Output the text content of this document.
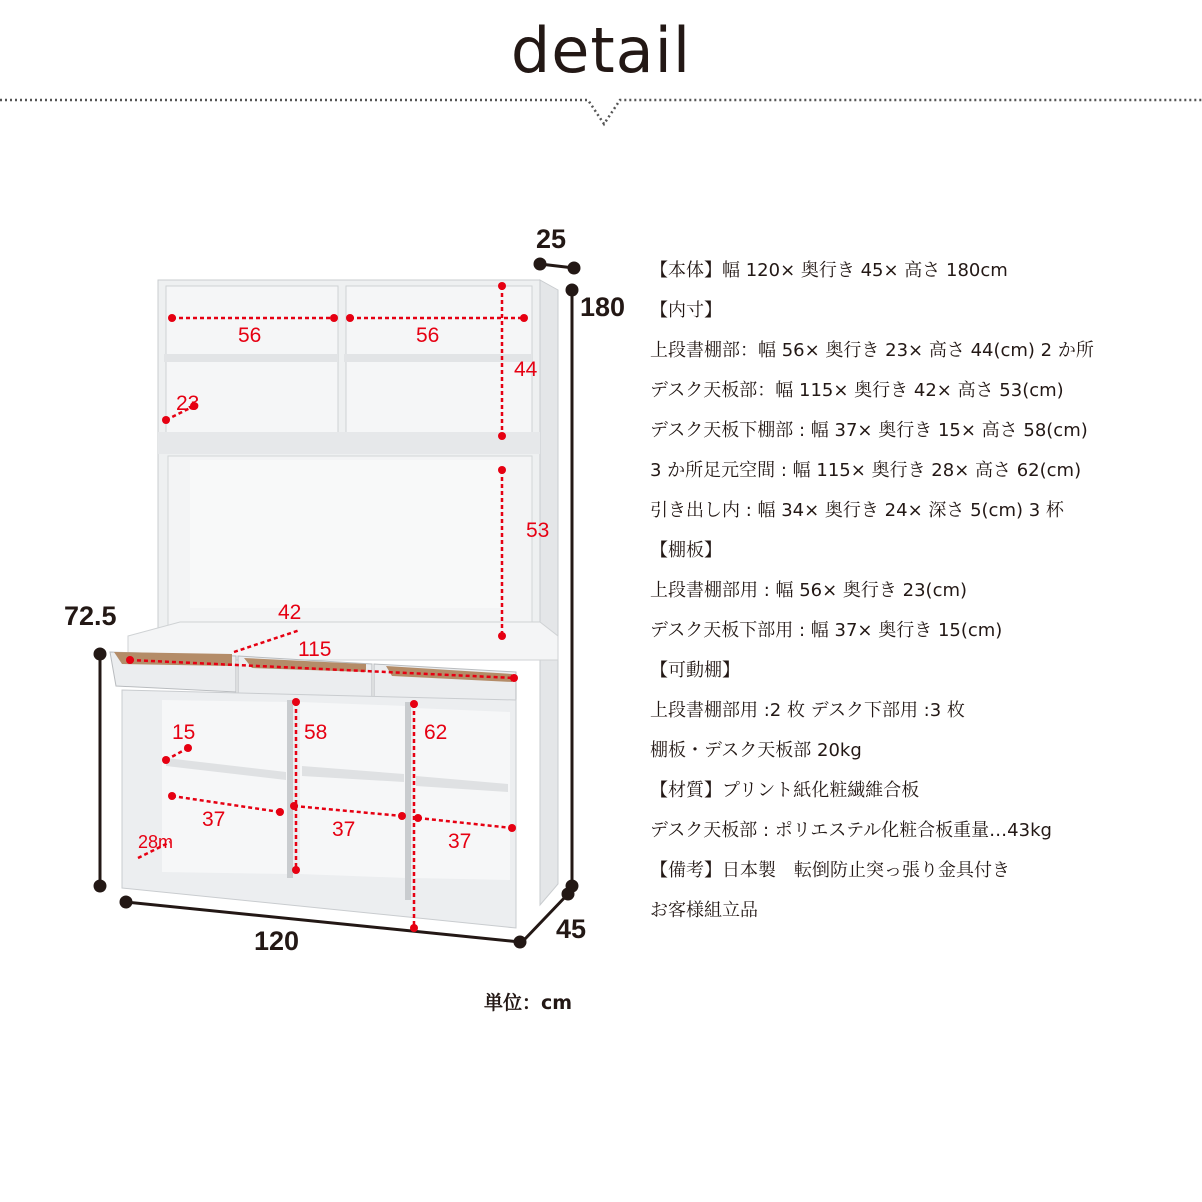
detail
25
180
72.5
120	45
56	56
44
23
53
42
115
15	58	62
37	37
37
28m
【本体】幅 120× 奥行き 45× 高さ 180cm
【内寸】
上段書棚部：幅 56× 奥行き 23× 高さ 44(cm) 2 か所
デスク天板部：幅 115× 奥行き 42× 高さ 53(cm)
デスク天板下棚部 : 幅 37× 奥行き 15× 高さ 58(cm)
3 か所足元空間 : 幅 115× 奥行き 28× 高さ 62(cm)
引き出し内 : 幅 34× 奥行き 24× 深さ 5(cm) 3 杯
【棚板】
上段書棚部用 : 幅 56× 奥行き 23(cm)
デスク天板下部用 : 幅 37× 奥行き 15(cm)
【可動棚】
上段書棚部用 :2 枚 デスク下部用 :3 枚
棚板・デスク天板部 20kg
【材質】プリント紙化粧繊維合板
デスク天板部 : ポリエステル化粧合板重量…43kg
【備考】日本製　転倒防止突っ張り金具付き
お客様組立品
単位：cm
